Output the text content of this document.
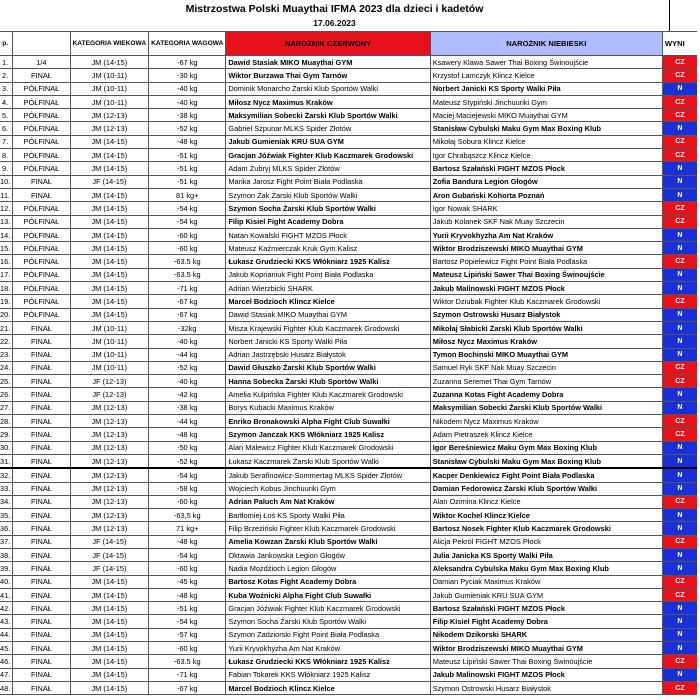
Mistrzostwa Polski Muaythai IFMA 2023 dla dzieci i kadetów
17.06.2023
p.		KATEGORIA WIEKOWA	KATEGORIA WAGOWA	NAROŻNIK CZERWONY	NAROŻNIK NIEBIESKI	WYNI
1.	1/4	JM (14-15)	-67 kg	Dawid Stasiak MIKO Muaythai GYM	Ksawery Klawa Sawer Thai Boxing Świnoujście	CZ
2.	FINAŁ	JM (10-11)	-30 kg	Wiktor Burzawa Thai Gym Tarnów	Krzystof Lamczyk Klincz Kielce	CZ
3.	PÓŁFINAŁ	JM (10-11)	-40 kg	Dominik Monarcho Żarski Klub Sportów Walki	Norbert Janicki KS Sporty Walki Piła	N
4.	PÓŁFINAŁ	JM (10-11)	-40 kg	Miłosz Nycz Maximus Kraków	Mateusz Stypiński Jinchuuriki Gym	CZ
5.	PÓŁFINAŁ	JM (12-13)	-38 kg	Maksymilian Sobecki Żarski Klub Sportów Walki	Maciej Maciejewski MIKO Muaythai GYM	CZ
6.	PÓŁFINAŁ	JM (12-13)	-52 kg	Gabriel Szpunar MLKS Spider Złotów	Stanisław Cybulski Maku Gym Max Boxing Klub	N
7.	PÓŁFINAŁ	JM (14-15)	-48 kg	Jakub Gumieniak KRU SUA GYM	Mikołaj Sobura Klincz Kielce	CZ
8.	PÓŁFINAŁ	JM (14-15)	-51 kg	Gracjan Jóźwiak Fighter Klub Kaczmarek Grodowski	Igor Chrabąszcz Klincz Kielce	CZ
9.	PÓŁFINAŁ	JM (14-15)	-51 kg	Adam Żubryj MLKS Spider Złotów	Bartosz Szałański FIGHT MZOS Płock	N
10.	FINAŁ	JF (14-15)	-51 kg	Marika Jarosz Fight Point Biała Podlaska	Zofia Bandura Legion Głogów	N
11.	FINAŁ	JM (14-15)	81 kg+	Szymon Żak Żarski Klub Sportów Walki	Aron Gubański Kohorta Poznań	N
12.	PÓŁFINAŁ	JM (14-15)	-54 kg	Szymon Socha Żarski Klub Sportów Walki	Igor Nowak SHARK	CZ
13.	PÓŁFINAŁ	JM (14-15)	-54 kg	Filip Kisiel Fight Academy Dobra	Jakub Kolanek SKF Nak Muay Szczecin	CZ
14.	PÓŁFINAŁ	JM (14-15)	-60 kg	Natan Kowalski FIGHT MZOS Płock	Yurii Kryvokhyzha Am Nat Kraków	N
15.	PÓŁFINAŁ	JM (14-15)	-60 kg	Mateusz Kaźmierczak Kruk Gym Kalisz	Wiktor Brodziszewski MIKO Muaythai GYM	N
16.	PÓŁFINAŁ	JM (14-15)	-63.5 kg	Łukasz Grudziecki KKS Włókniarz 1925 Kalisz	Bartosz Popielewicz Fight Point Biała Podlaska	CZ
17.	PÓŁFINAŁ	JM (14-15)	-63.5 kg	Jakub Koprianiuk Fight Point Biała Podlaska	Mateusz Lipiński Sawer Thai Boxing Świnoujście	N
18.	PÓŁFINAŁ	JM (14-15)	-71 kg	Adrian Wierzbicki SHARK	Jakub Malinowski FIGHT MZOS Płock	N
19.	PÓŁFINAŁ	JM (14-15)	-67 kg	Marcel Bodzioch Klincz Kielce	Wiktor Dziubak Fighter Klub Kaczmarek Grodowski	CZ
20.	PÓŁFINAŁ	JM (14-15)	-67 kg	Dawid Stasiak MIKO Muaythai GYM	Szymon Ostrowski Husarz Białystok	N
21.	FINAŁ	JM (10-11)	-32kg	Misza Krajewski Fighter Klub Kaczmarek Grodowski	Mikołaj Słabicki Żarski Klub Sportów Walki	N
22.	FINAŁ	JM (10-11)	-40 kg	Norbert Janicki KS Sporty Walki Piła	Miłosz Nycz Maximus Kraków	N
23.	FINAŁ	JM (10-11)	-44 kg	Adrian Jastrzębski Husarz Białystok	Tymon Bochinski MIKO Muaythai GYM	N
24.	FINAŁ	JM (10-11)	-52 kg	Dawid Głuszko Żarski Klub Sportów Walki	Samuel Ryk SKF Nak Muay Szczecin	CZ
25.	FINAŁ	JF (12-13)	-40 kg	Hanna Sobecka Żarski Klub Sportów Walki	Zuzanna Seremet Thai Gym Tarnów	CZ
26.	FINAŁ	JF (12-13)	-42 kg	Amelia Kulpińska Fighter Klub Kaczmarek Grodowski	Zuzanna Kotas Fight Academy Dobra	N
27.	FINAŁ	JM (12-13)	-38 kg	Borys Kubacki Maximus Kraków	Maksymilian Sobecki Żarski Klub Sportów Walki	N
28.	FINAŁ	JM (12-13)	-44 kg	Enriko Bronakowski Alpha Fight Club Suwałki	Nikodem Nycz Maximus Kraków	CZ
29.	FINAŁ	JM (12-13)	-48 kg	Szymon Janczak KKS Włókniarz 1925 Kalisz	Adam Pietraszek Klincz Kielce	CZ
30.	FINAŁ	JM (12-13)	-50 kg	Alan Malewicz Fighter Klub Kaczmarek Grodowski	Igor Bereśniewicz Maku Gym Max Boxing Klub	N
31.	FINAŁ	JM (12-13)	-52 kg	Łukasz Kaczmarek Żarski Klub Sportów Walki	Stanisław Cybulski Maku Gym Max Boxing Klub	N
32.	FINAŁ	JM (12-13)	-54 kg	Jakub Serafinowicz-Sommertag MLKS Spider Złotów	Kacper Denkiewicz Fight Point Biała Podlaska	N
33.	FINAŁ	JM (12-13)	-58 kg	Wojciech Kobus Jinchuuriki Gym	Damian Fedorowicz Żarski Klub Sportów Walki	N
34.	FINAŁ	JM (12-13)	-60 kg	Adrian Paluch Am Nat Kraków	Alan Ozimina Klincz Kielce	CZ
35.	FINAŁ	JM (12-13)	-63,5 kg	Bartłomiej Łoś KS Sporty Walki Piła	Wiktor Kochel Klincz Kielce	N
36.	FINAŁ	JM (12-13)	71 kg+	Filip Brzeziński Fighter Klub Kaczmarek Grodowski	Bartosz Nosek Fighter Klub Kaczmarek Grodowski	N
37.	FINAŁ	JF (14-15)	-48 kg	Amelia Kowzan Żarski Klub Sportów Walki	Alicja Pekról FIGHT MZOS Płock	CZ
38.	FINAŁ	JF (14-15)	-54 kg	Oktawia Jankowska Legion Głogów	Julia Janicka KS Sporty Walki Piła	N
39.	FINAŁ	JF (14-15)	-60 kg	Nadia Możdżioch Legion Głogów	Aleksandra Cybulska Maku Gym Max Boxing Klub	N
40.	FINAŁ	JM (14-15)	-45 kg	Bartosz Kotas Fight Academy Dobra	Damian Pyciak Maximus Kraków	CZ
41.	FINAŁ	JM (14-15)	-48 kg	Kuba Woźnicki Alpha Fight Club Suwałki	Jakub Gumieniak KRU SUA GYM	CZ
42.	FINAŁ	JM (14-15)	-51 kg	Gracjan Jóźwiak Fighter Klub Kaczmarek Grodowski	Bartosz Szałański FIGHT MZOS Płock	N
43.	FINAŁ	JM (14-15)	-54 kg	Szymon Socha Żarski Klub Sportów Walki	Filip Kisiel Fight Academy Dobra	N
44.	FINAŁ	JM (14-15)	-57 kg	Szymon Zadziorski Fight Point Biała Podlaska	Nikodem Dzikorski SHARK	N
45.	FINAŁ	JM (14-15)	-60 kg	Yurii Kryvokhyzha Am Nat Kraków	Wiktor Brodziszewski MIKO Muaythai GYM	N
46.	FINAŁ	JM (14-15)	-63.5 kg	Łukasz Grudziecki KKS Włókniarz 1925 Kalisz	Mateusz Lipiński Sawer Thai Boxing Świnoujście	CZ
47.	FINAŁ	JM (14-15)	-71 kg	Fabian Tokarek KKS Włókniarz 1925 Kalisz	Jakub Malinowski FIGHT MZOS Płock	N
48.	FINAŁ	JM (14-15)	-67 kg	Marcel Bodzioch Klincz Kielce	Szymon Ostrowski Husarz Białystok	CZ
